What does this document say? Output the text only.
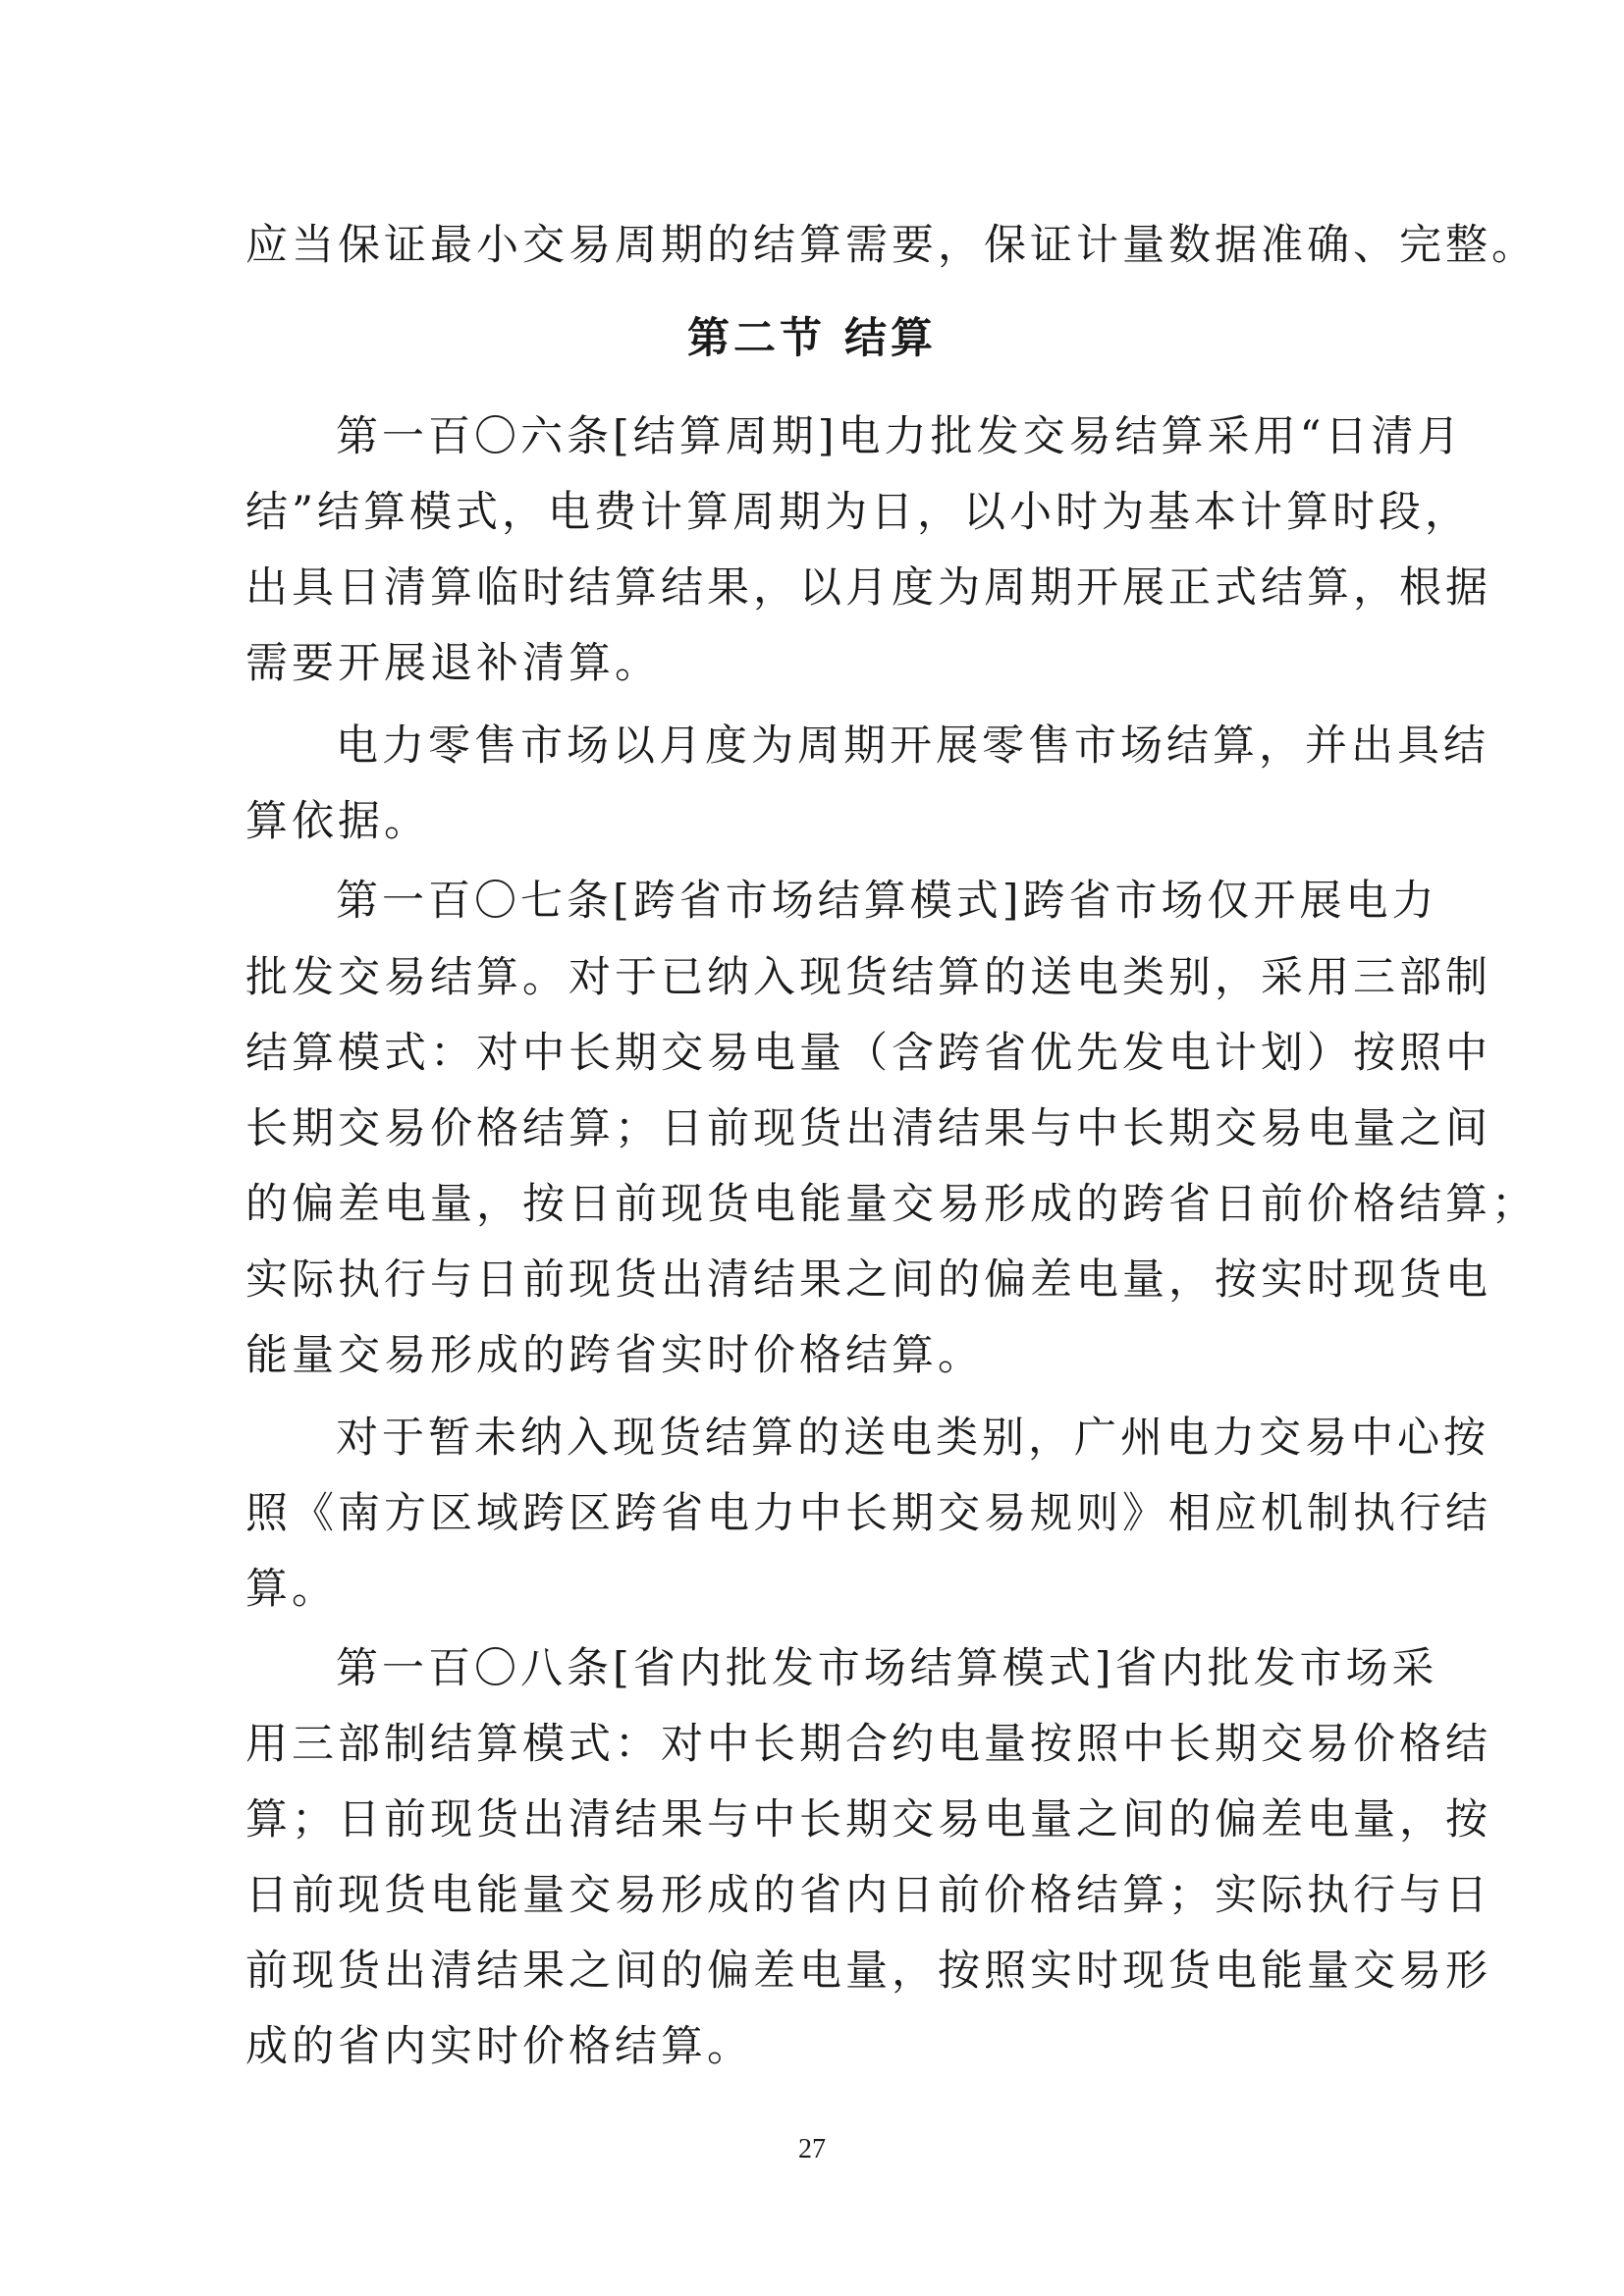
应当保证最小交易周期的结算需要，保证计量数据准确、完整。
第二节 结算
第一百〇六条[结算周期]电力批发交易结算采用“日清月
结”结算模式，电费计算周期为日，以小时为基本计算时段，
出具日清算临时结算结果，以月度为周期开展正式结算，根据
需要开展退补清算。
电力零售市场以月度为周期开展零售市场结算，并出具结
算依据。
第一百〇七条[跨省市场结算模式]跨省市场仅开展电力
批发交易结算。对于已纳入现货结算的送电类别，采用三部制
结算模式：对中长期交易电量（含跨省优先发电计划）按照中
长期交易价格结算；日前现货出清结果与中长期交易电量之间
的偏差电量，按日前现货电能量交易形成的跨省日前价格结算；
实际执行与日前现货出清结果之间的偏差电量，按实时现货电
能量交易形成的跨省实时价格结算。
对于暂未纳入现货结算的送电类别，广州电力交易中心按
照《南方区域跨区跨省电力中长期交易规则》相应机制执行结
算。
第一百〇八条[省内批发市场结算模式]省内批发市场采
用三部制结算模式：对中长期合约电量按照中长期交易价格结
算；日前现货出清结果与中长期交易电量之间的偏差电量，按
日前现货电能量交易形成的省内日前价格结算；实际执行与日
前现货出清结果之间的偏差电量，按照实时现货电能量交易形
成的省内实时价格结算。
27
